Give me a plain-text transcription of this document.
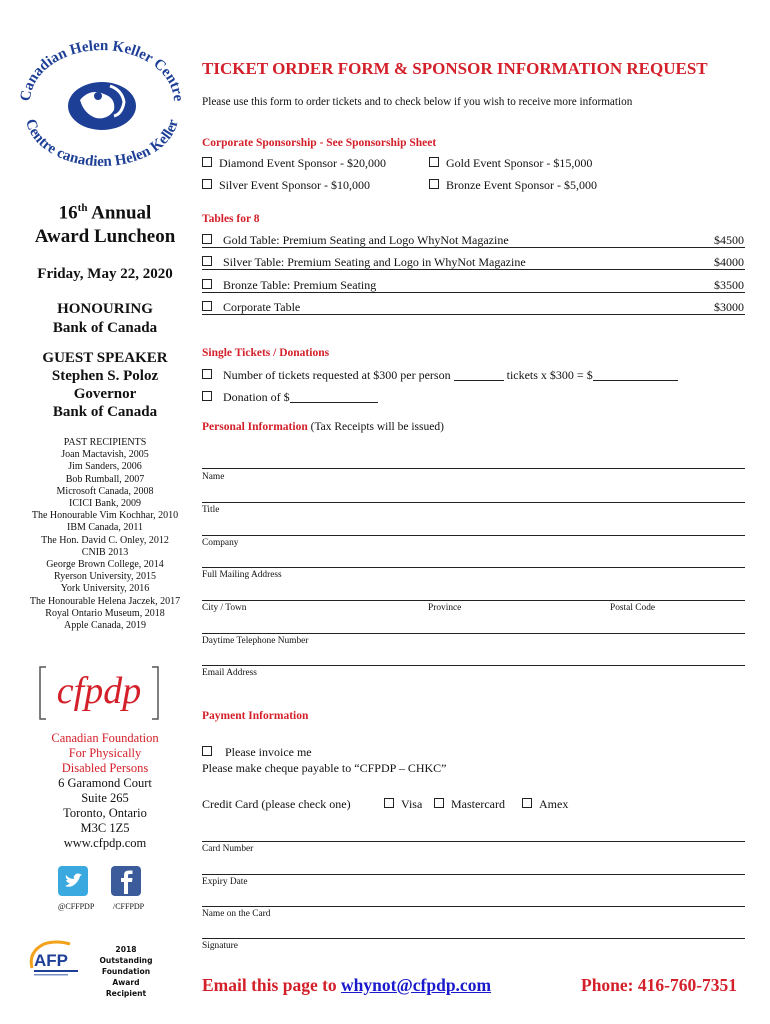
Canadian Helen Keller Centre
Centre canadien Helen Keller
16th Annual
Award Luncheon
Friday, May 22, 2020
HONOURING
Bank of Canada
GUEST SPEAKER
Stephen S. Poloz
Governor
Bank of Canada
PAST RECIPIENTS
Joan Mactavish, 2005
Jim Sanders, 2006
Bob Rumball, 2007
Microsoft Canada, 2008
ICICI Bank, 2009
The Honourable Vim Kochhar, 2010
IBM Canada, 2011
The Hon. David C. Onley, 2012
CNIB 2013
George Brown College, 2014
Ryerson University, 2015
York University, 2016
The Honourable Helena Jaczek, 2017
Royal Ontario Museum, 2018
Apple Canada, 2019
cfpdp
Canadian Foundation
For Physically
Disabled Persons
6 Garamond Court
Suite 265
Toronto, Ontario
M3C 1Z5
www.cfpdp.com
@CFFPDP /CFFPDP
AFP
2018 Outstanding
Foundation Award
Recipient
TICKET ORDER FORM & SPONSOR INFORMATION REQUEST
Please use this form to order tickets and to check below if you wish to receive more information
Corporate Sponsorship - See Sponsorship Sheet
Diamond Event Sponsor - $20,000	Gold Event Sponsor - $15,000
Silver Event Sponsor - $10,000	Bronze Event Sponsor - $5,000
Tables for 8
Gold Table: Premium Seating and Logo WhyNot Magazine	$4500
Silver Table: Premium Seating and Logo in WhyNot Magazine	$4000
Bronze Table: Premium Seating	$3500
Corporate Table	$3000
Single Tickets / Donations
Number of tickets requested at $300 per person	tickets x $300 = $
Donation of $
Personal Information (Tax Receipts will be issued)
Name
Title
Company
Full Mailing Address
City / Town	Province	Postal Code
Daytime Telephone Number
Email Address
Payment Information
Please invoice me
Please make cheque payable to “CFPDP – CHKC”
Credit Card (please check one)	Visa	Mastercard	Amex
Card Number
Expiry Date
Name on the Card
Signature
Email this page to whynot@cfpdp.com	Phone: 416-760-7351
